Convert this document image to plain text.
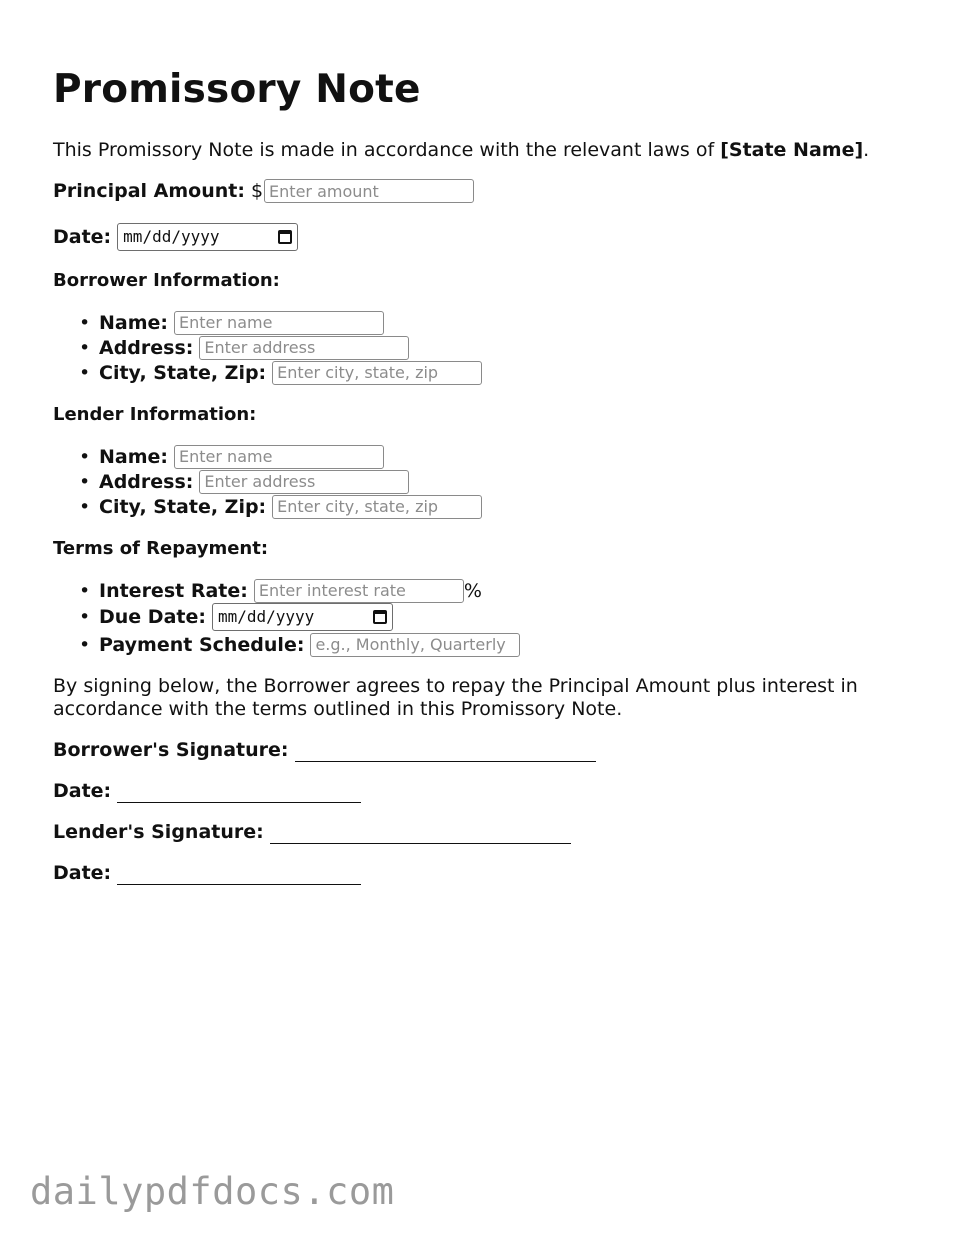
Promissory Note

This Promissory Note is made in accordance with the relevant laws of [State Name].

Principal Amount: $
Enter amount
Date: mm/dd/yyyy
Borrower Information:
• Name:
Enter name
• Address:
Enter address
• City, State, Zip:
Enter city, state, zip
Lender Information:
• Name:
Enter name
• Address:
Enter address
• City, State, Zip:
Enter city, state, zip
Terms of Repayment:
• Interest Rate:
Enter interest rate	%
• Due Date: mm/dd/yyyy
• Payment Schedule:
e.g., Monthly, Quarterly

By signing below, the Borrower agrees to repay the Principal Amount plus interest in accordance with the terms outlined in this Promissory Note.

Borrower's Signature:
Date:
Lender's Signature:
Date:
dailypdfdocs.com
